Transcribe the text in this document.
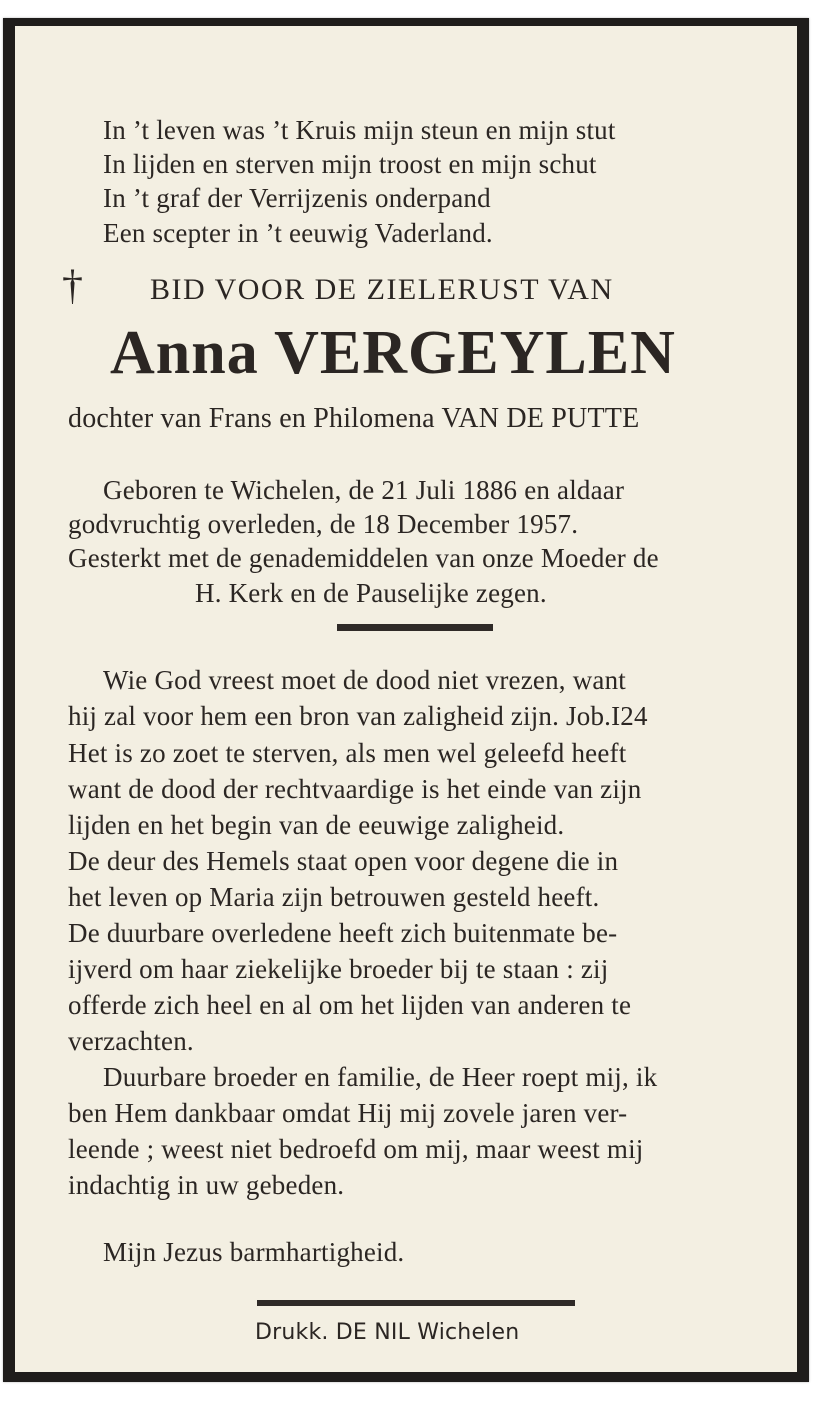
In ’t leven was ’t Kruis mijn steun en mijn stut
In lijden en sterven mijn troost en mijn schut
In ’t graf der Verrijzenis onderpand
Een scepter in ’t eeuwig Vaderland.
† BID VOOR DE ZIELERUST VAN
Anna VERGEYLEN
dochter van Frans en Philomena VAN DE PUTTE
Geboren te Wichelen, de 21 Juli 1886 en aldaar
godvruchtig overleden, de 18 December 1957.
Gesterkt met de genademiddelen van onze Moeder de
H. Kerk en de Pauselijke zegen.
Wie God vreest moet de dood niet vrezen, want
hij zal voor hem een bron van zaligheid zijn. Job.I24
Het is zo zoet te sterven, als men wel geleefd heeft
want de dood der rechtvaardige is het einde van zijn
lijden en het begin van de eeuwige zaligheid.
De deur des Hemels staat open voor degene die in
het leven op Maria zijn betrouwen gesteld heeft.
De duurbare overledene heeft zich buitenmate be-
ijverd om haar ziekelijke broeder bij te staan : zij
offerde zich heel en al om het lijden van anderen te
verzachten.
Duurbare broeder en familie, de Heer roept mij, ik
ben Hem dankbaar omdat Hij mij zovele jaren ver-
leende ; weest niet bedroefd om mij, maar weest mij
indachtig in uw gebeden.
Mijn Jezus barmhartigheid.
Drukk. DE NIL Wichelen
